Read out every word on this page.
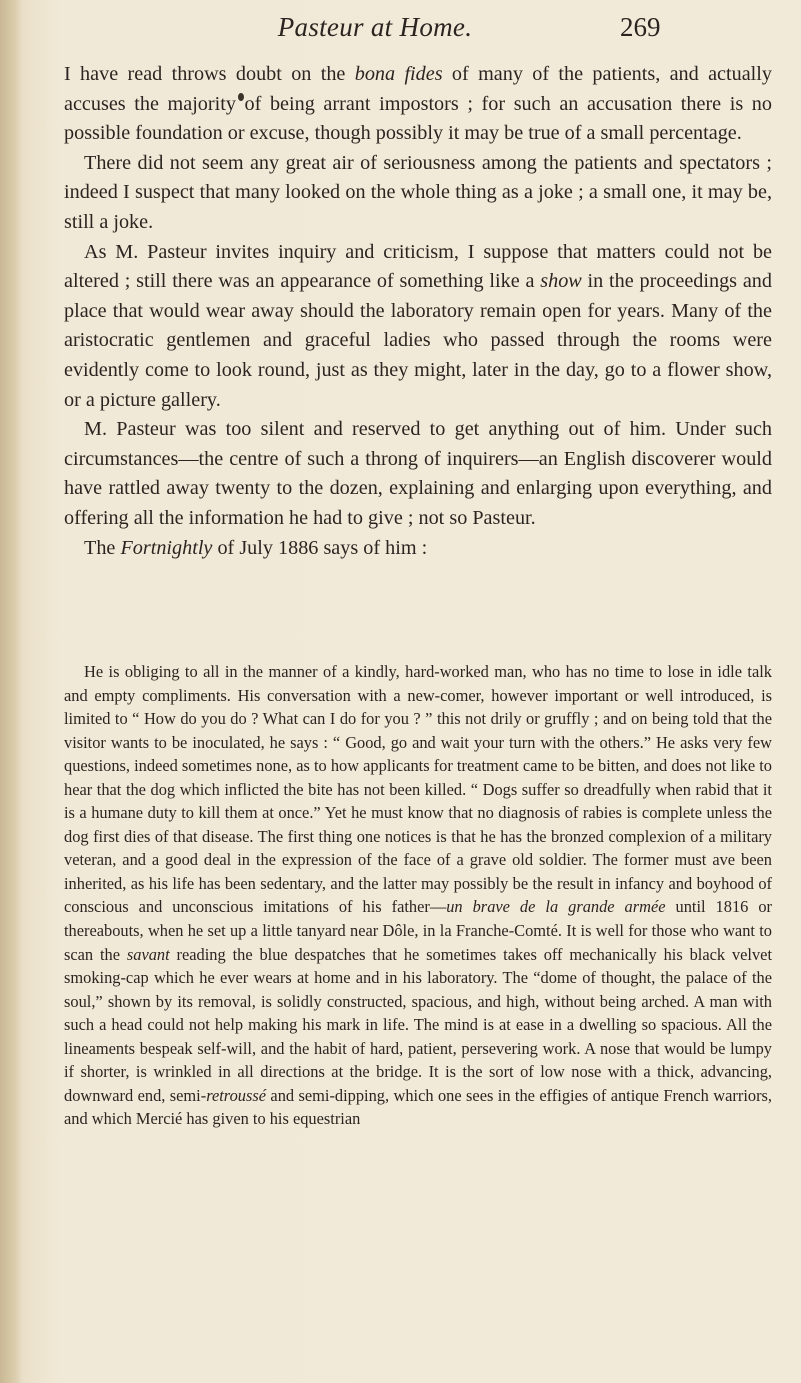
Pasteur at Home.	269

I have read throws doubt on the bona fides of many of the patients, and actually accuses the majority of being arrant impostors ; for such an accusation there is no possible foundation or excuse, though possibly it may be true of a small percentage.

There did not seem any great air of seriousness among the patients and spectators ; indeed I suspect that many looked on the whole thing as a joke ; a small one, it may be, still a joke.

As M. Pasteur invites inquiry and criticism, I suppose that matters could not be altered ; still there was an appearance of something like a show in the proceedings and place that would wear away should the laboratory remain open for years. Many of the aristocratic gentlemen and graceful ladies who passed through the rooms were evidently come to look round, just as they might, later in the day, go to a flower show, or a picture gallery.

M. Pasteur was too silent and reserved to get anything out of him. Under such circumstances—the centre of such a throng of inquirers—an English discoverer would have rattled away twenty to the dozen, explaining and enlarging upon everything, and offering all the information he had to give ; not so Pasteur.

The Fortnightly of July 1886 says of him :

He is obliging to all in the manner of a kindly, hard-worked man, who has no time to lose in idle talk and empty compliments. His conversation with a new-comer, however important or well introduced, is limited to “ How do you do ? What can I do for you ? ” this not drily or gruffly ; and on being told that the visitor wants to be inoculated, he says : “ Good, go and wait your turn with the others.” He asks very few questions, indeed sometimes none, as to how applicants for treatment came to be bitten, and does not like to hear that the dog which inflicted the bite has not been killed. “ Dogs suffer so dreadfully when rabid that it is a humane duty to kill them at once.” Yet he must know that no diagnosis of rabies is complete unless the dog first dies of that disease. The first thing one notices is that he has the bronzed complexion of a military veteran, and a good deal in the expression of the face of a grave old soldier. The former must ave been inherited, as his life has been sedentary, and the latter may possibly be the result in infancy and boyhood of conscious and unconscious imitations of his father—un brave de la grande armée until 1816 or thereabouts, when he set up a little tanyard near Dôle, in la Franche-Comté. It is well for those who want to scan the savant reading the blue despatches that he sometimes takes off mechanically his black velvet smoking-cap which he ever wears at home and in his laboratory. The “dome of thought, the palace of the soul,” shown by its removal, is solidly constructed, spacious, and high, without being arched. A man with such a head could not help making his mark in life. The mind is at ease in a dwelling so spacious. All the lineaments bespeak self-will, and the habit of hard, patient, persevering work. A nose that would be lumpy if shorter, is wrinkled in all directions at the bridge. It is the sort of low nose with a thick, advancing, downward end, semi-retroussé and semi-dipping, which one sees in the effigies of antique French warriors, and which Mercié has given to his equestrian
